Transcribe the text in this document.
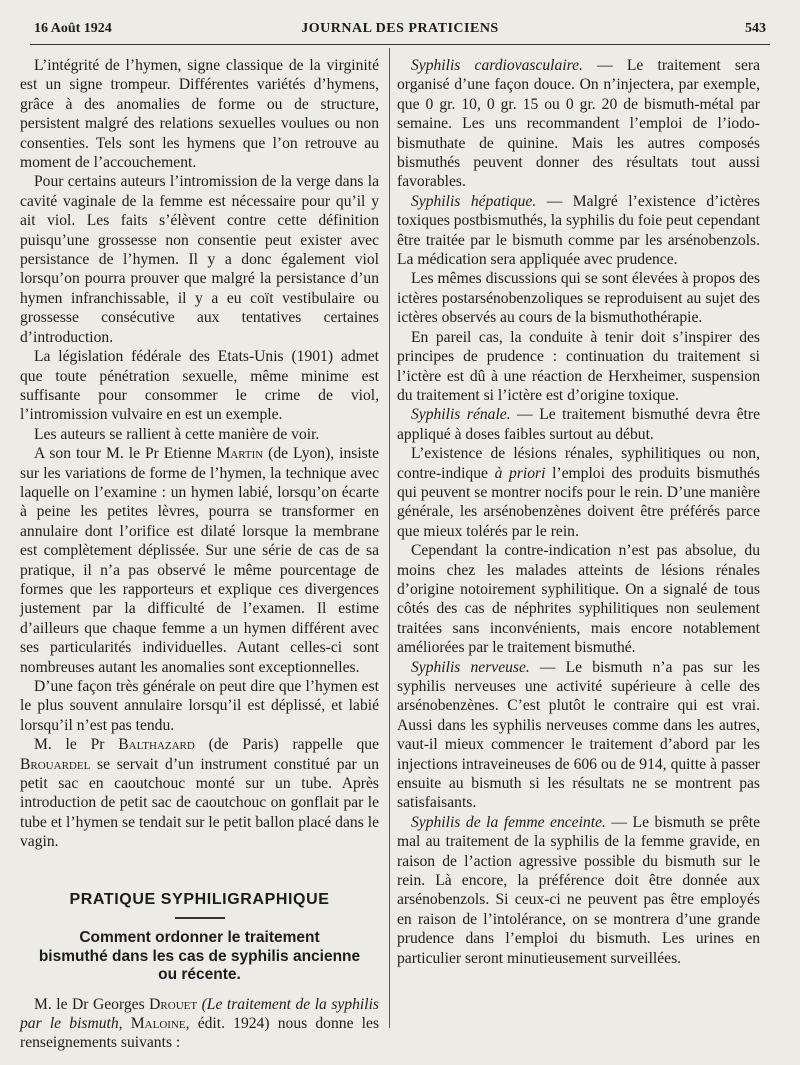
16 Août 1924	JOURNAL DES PRATICIENS	543

L’intégrité de l’hymen, signe classique de la virginité est un signe trompeur. Différentes variétés d’hymens, grâce à des anomalies de forme ou de structure, persistent malgré des relations sexuelles voulues ou non consenties. Tels sont les hymens que l’on retrouve au moment de l’accouchement.

Pour certains auteurs l’intromission de la verge dans la cavité vaginale de la femme est nécessaire pour qu’il y ait viol. Les faits s’élèvent contre cette définition puisqu’une grossesse non consentie peut exister avec persistance de l’hymen. Il y a donc également viol lorsqu’on pourra prouver que malgré la persistance d’un hymen infranchissable, il y a eu coït vestibulaire ou grossesse consécutive aux tentatives certaines d’introduction.

La législation fédérale des Etats-Unis (1901) admet que toute pénétration sexuelle, même minime est suffisante pour consommer le crime de viol, l’intromission vulvaire en est un exemple.

Les auteurs se rallient à cette manière de voir.

A son tour M. le Pr Etienne Martin (de Lyon), insiste sur les variations de forme de l’hymen, la technique avec laquelle on l’examine : un hymen labié, lorsqu’on écarte à peine les petites lèvres, pourra se transformer en annulaire dont l’orifice est dilaté lorsque la membrane est complètement déplissée. Sur une série de cas de sa pratique, il n’a pas observé le même pourcentage de formes que les rapporteurs et explique ces divergences justement par la difficulté de l’examen. Il estime d’ailleurs que chaque femme a un hymen différent avec ses particularités individuelles. Autant celles-ci sont nombreuses autant les anomalies sont exceptionnelles.

D’une façon très générale on peut dire que l’hymen est le plus souvent annulaire lorsqu’il est déplissé, et labié lorsqu’il n’est pas tendu.

M. le Pr Balthazard (de Paris) rappelle que Brouardel se servait d’un instrument constitué par un petit sac en caoutchouc monté sur un tube. Après introduction de petit sac de caoutchouc on gonflait par le tube et l’hymen se tendait sur le petit ballon placé dans le vagin.

PRATIQUE SYPHILIGRAPHIQUE
Comment ordonner le traitement
bismuthé dans les cas de syphilis ancienne
ou récente.

M. le Dr Georges Drouet (Le traitement de la syphilis par le bismuth, Maloine, édit. 1924) nous donne les renseignements suivants :

Syphilis cardiovasculaire. — Le traitement sera organisé d’une façon douce. On n’injectera, par exemple, que 0 gr. 10, 0 gr. 15 ou 0 gr. 20 de bismuth-métal par semaine. Les uns recommandent l’emploi de l’iodo-bismuthate de quinine. Mais les autres composés bismuthés peuvent donner des résultats tout aussi favorables.

Syphilis hépatique. — Malgré l’existence d’ictères toxiques postbismuthés, la syphilis du foie peut cependant être traitée par le bismuth comme par les arsénobenzols. La médication sera appliquée avec prudence.

Les mêmes discussions qui se sont élevées à propos des ictères postarsénobenzoliques se reproduisent au sujet des ictères observés au cours de la bismuthothérapie.

En pareil cas, la conduite à tenir doit s’inspirer des principes de prudence : continuation du traitement si l’ictère est dû à une réaction de Herxheimer, suspension du traitement si l’ictère est d’origine toxique.

Syphilis rénale. — Le traitement bismuthé devra être appliqué à doses faibles surtout au début.

L’existence de lésions rénales, syphilitiques ou non, contre-indique à priori l’emploi des produits bismuthés qui peuvent se montrer nocifs pour le rein. D’une manière générale, les arsénobenzènes doivent être préférés parce que mieux tolérés par le rein.

Cependant la contre-indication n’est pas absolue, du moins chez les malades atteints de lésions rénales d’origine notoirement syphilitique. On a signalé de tous côtés des cas de néphrites syphilitiques non seulement traitées sans inconvénients, mais encore notablement améliorées par le traitement bismuthé.

Syphilis nerveuse. — Le bismuth n’a pas sur les syphilis nerveuses une activité supérieure à celle des arsénobenzènes. C’est plutôt le contraire qui est vrai. Aussi dans les syphilis nerveuses comme dans les autres, vaut-il mieux commencer le traitement d’abord par les injections intraveineuses de 606 ou de 914, quitte à passer ensuite au bismuth si les résultats ne se montrent pas satisfaisants.

Syphilis de la femme enceinte. — Le bismuth se prête mal au traitement de la syphilis de la femme gravide, en raison de l’action agressive possible du bismuth sur le rein. Là encore, la préférence doit être donnée aux arsénobenzols. Si ceux-ci ne peuvent pas être employés en raison de l’intolérance, on se montrera d’une grande prudence dans l’emploi du bismuth. Les urines en particulier seront minutieusement surveillées.
